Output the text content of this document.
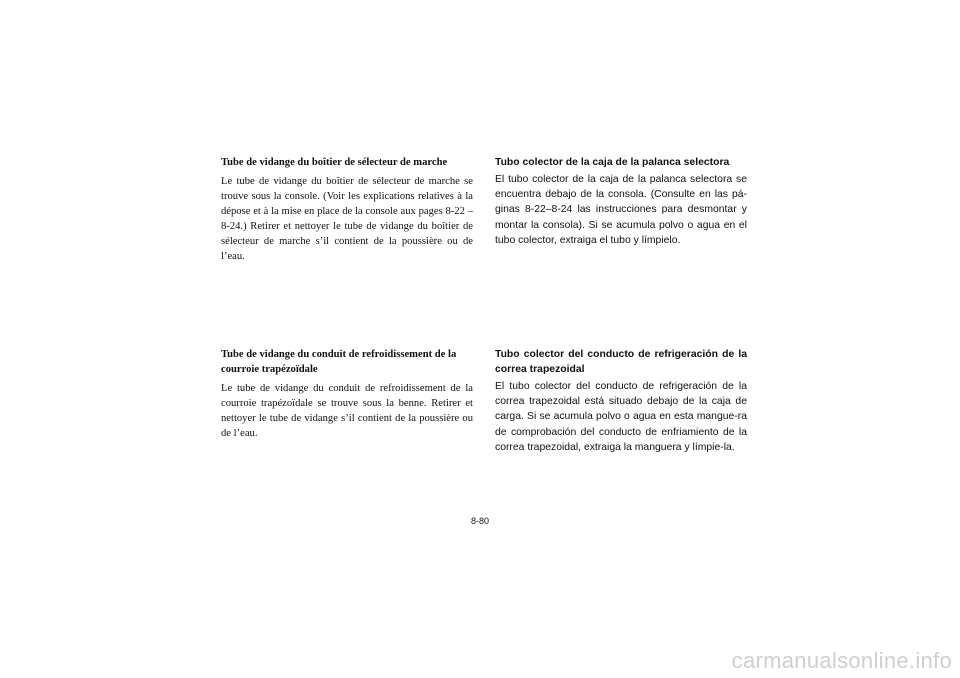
Tube de vidange du boîtier de sélecteur de marche

Le tube de vidange du boîtier de sélecteur de marche se trouve sous la console. (Voir les explications relatives à la dépose et à la mise en place de la console aux pages 8-22 – 8-24.) Retirer et nettoyer le tube de vidange du boîtier de sélecteur de marche s’il contient de la poussière ou de l’eau.

Tubo colector de la caja de la palanca selectora

El tubo colector de la caja de la palanca selectora se encuentra debajo de la consola. (Consulte en las pá-ginas 8-22–8-24 las instrucciones para desmontar y montar la consola). Si se acumula polvo o agua en el tubo colector, extraiga el tubo y límpielo.

Tube de vidange du conduit de refroidissement de la courroie trapézoïdale

Le tube de vidange du conduit de refroidissement de la courroie trapézoïdale se trouve sous la benne. Retirer et nettoyer le tube de vidange s’il contient de la poussière ou de l’eau.

Tubo colector del conducto de refrigeración de la correa trapezoidal

El tubo colector del conducto de refrigeración de la correa trapezoidal está situado debajo de la caja de carga. Si se acumula polvo o agua en esta mangue-ra de comprobación del conducto de enfriamiento de la correa trapezoidal, extraiga la manguera y límpie-la.

8-80
carmanualsonline.info
